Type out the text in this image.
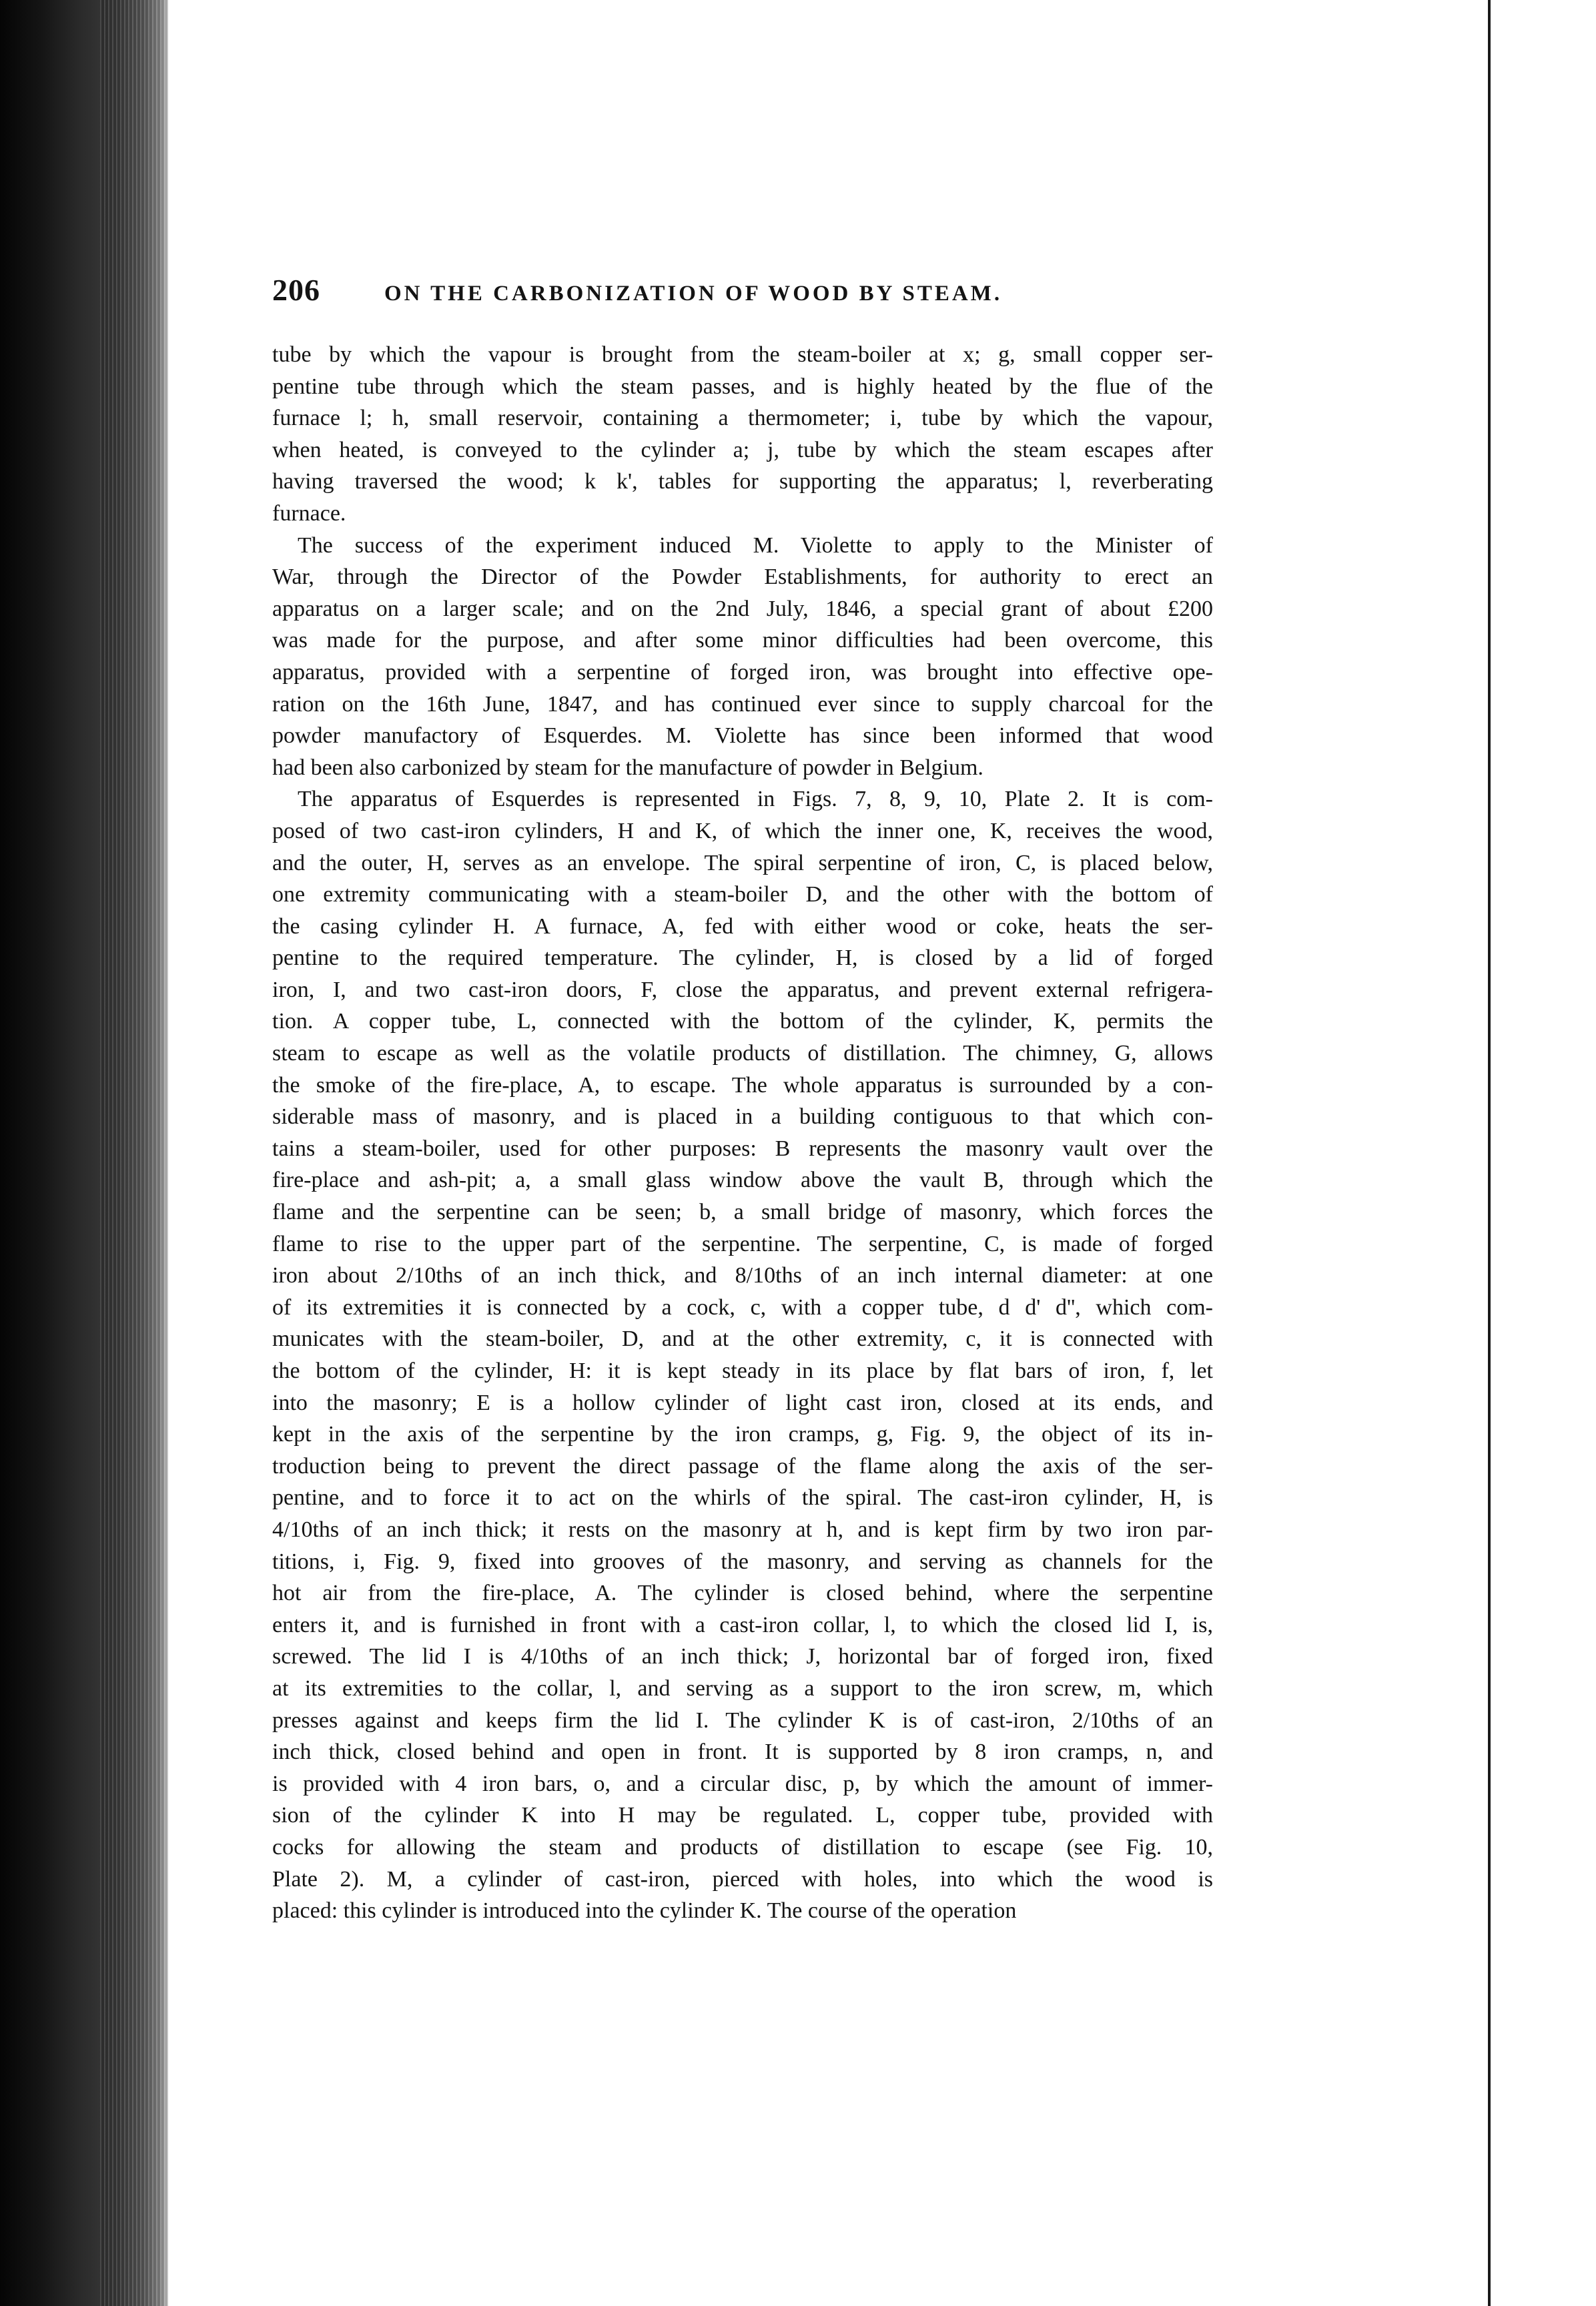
206	ON THE CARBONIZATION OF WOOD BY STEAM.
tube by which the vapour is brought from the steam-boiler at x; g, small copper ser-
pentine tube through which the steam passes, and is highly heated by the flue of the
furnace l; h, small reservoir, containing a thermometer; i, tube by which the vapour,
when heated, is conveyed to the cylinder a; j, tube by which the steam escapes after
having traversed the wood; k k', tables for supporting the apparatus; l, reverberating
furnace.
The success of the experiment induced M. Violette to apply to the Minister of
War, through the Director of the Powder Establishments, for authority to erect an
apparatus on a larger scale; and on the 2nd July, 1846, a special grant of about £200
was made for the purpose, and after some minor difficulties had been overcome, this
apparatus, provided with a serpentine of forged iron, was brought into effective ope-
ration on the 16th June, 1847, and has continued ever since to supply charcoal for the
powder manufactory of Esquerdes. M. Violette has since been informed that wood
had been also carbonized by steam for the manufacture of powder in Belgium.
The apparatus of Esquerdes is represented in Figs. 7, 8, 9, 10, Plate 2. It is com-
posed of two cast-iron cylinders, H and K, of which the inner one, K, receives the wood,
and the outer, H, serves as an envelope. The spiral serpentine of iron, C, is placed below,
one extremity communicating with a steam-boiler D, and the other with the bottom of
the casing cylinder H. A furnace, A, fed with either wood or coke, heats the ser-
pentine to the required temperature. The cylinder, H, is closed by a lid of forged
iron, I, and two cast-iron doors, F, close the apparatus, and prevent external refrigera-
tion. A copper tube, L, connected with the bottom of the cylinder, K, permits the
steam to escape as well as the volatile products of distillation. The chimney, G, allows
the smoke of the fire-place, A, to escape. The whole apparatus is surrounded by a con-
siderable mass of masonry, and is placed in a building contiguous to that which con-
tains a steam-boiler, used for other purposes: B represents the masonry vault over the
fire-place and ash-pit; a, a small glass window above the vault B, through which the
flame and the serpentine can be seen; b, a small bridge of masonry, which forces the
flame to rise to the upper part of the serpentine. The serpentine, C, is made of forged
iron about 2/10ths of an inch thick, and 8/10ths of an inch internal diameter: at one
of its extremities it is connected by a cock, c, with a copper tube, d d' d'', which com-
municates with the steam-boiler, D, and at the other extremity, c, it is connected with
the bottom of the cylinder, H: it is kept steady in its place by flat bars of iron, f, let
into the masonry; E is a hollow cylinder of light cast iron, closed at its ends, and
kept in the axis of the serpentine by the iron cramps, g, Fig. 9, the object of its in-
troduction being to prevent the direct passage of the flame along the axis of the ser-
pentine, and to force it to act on the whirls of the spiral. The cast-iron cylinder, H, is
4/10ths of an inch thick; it rests on the masonry at h, and is kept firm by two iron par-
titions, i, Fig. 9, fixed into grooves of the masonry, and serving as channels for the
hot air from the fire-place, A. The cylinder is closed behind, where the serpentine
enters it, and is furnished in front with a cast-iron collar, l, to which the closed lid I, is,
screwed. The lid I is 4/10ths of an inch thick; J, horizontal bar of forged iron, fixed
at its extremities to the collar, l, and serving as a support to the iron screw, m, which
presses against and keeps firm the lid I. The cylinder K is of cast-iron, 2/10ths of an
inch thick, closed behind and open in front. It is supported by 8 iron cramps, n, and
is provided with 4 iron bars, o, and a circular disc, p, by which the amount of immer-
sion of the cylinder K into H may be regulated. L, copper tube, provided with
cocks for allowing the steam and products of distillation to escape (see Fig. 10,
Plate 2). M, a cylinder of cast-iron, pierced with holes, into which the wood is
placed: this cylinder is introduced into the cylinder K. The course of the operation
